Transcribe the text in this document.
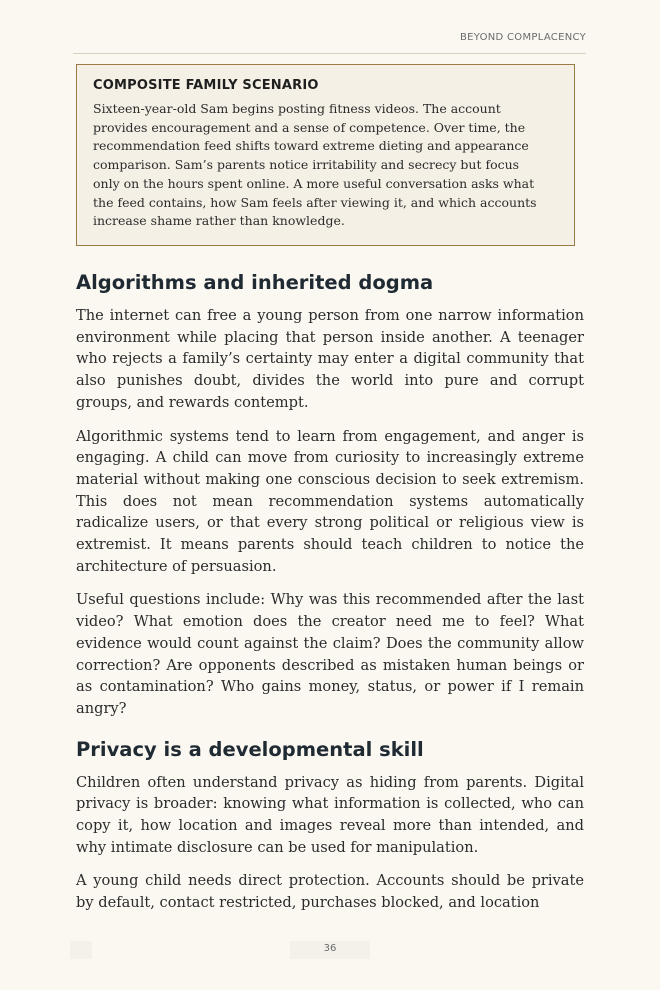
BEYOND COMPLACENCY
COMPOSITE FAMILY SCENARIO
Sixteen-year-old Sam begins posting fitness videos. The account
provides encouragement and a sense of competence. Over time, the
recommendation feed shifts toward extreme dieting and appearance
comparison. Sam’s parents notice irritability and secrecy but focus
only on the hours spent online. A more useful conversation asks what
the feed contains, how Sam feels after viewing it, and which accounts
increase shame rather than knowledge.
Algorithms and inherited dogma

The internet can free a young person from one narrow information environment while placing that person inside another. A teenager who rejects a family’s certainty may enter a digital community that also punishes doubt, divides the world into pure and corrupt groups, and rewards contempt.

Algorithmic systems tend to learn from engagement, and anger is engaging. A child can move from curiosity to increasingly extreme material without making one conscious decision to seek extremism. This does not mean recommendation systems automatically radicalize users, or that every strong political or religious view is extremist. It means parents should teach children to notice the architecture of persuasion.

Useful questions include: Why was this recommended after the last video? What emotion does the creator need me to feel? What evidence would count against the claim? Does the community allow correction? Are opponents described as mistaken human beings or as contamination? Who gains money, status, or power if I remain angry?

Privacy is a developmental skill

Children often understand privacy as hiding from parents. Digital privacy is broader: knowing what information is collected, who can copy it, how location and images reveal more than intended, and why intimate disclosure can be used for manipulation.

A young child needs direct protection. Accounts should be private by default, contact restricted, purchases blocked, and location

36
